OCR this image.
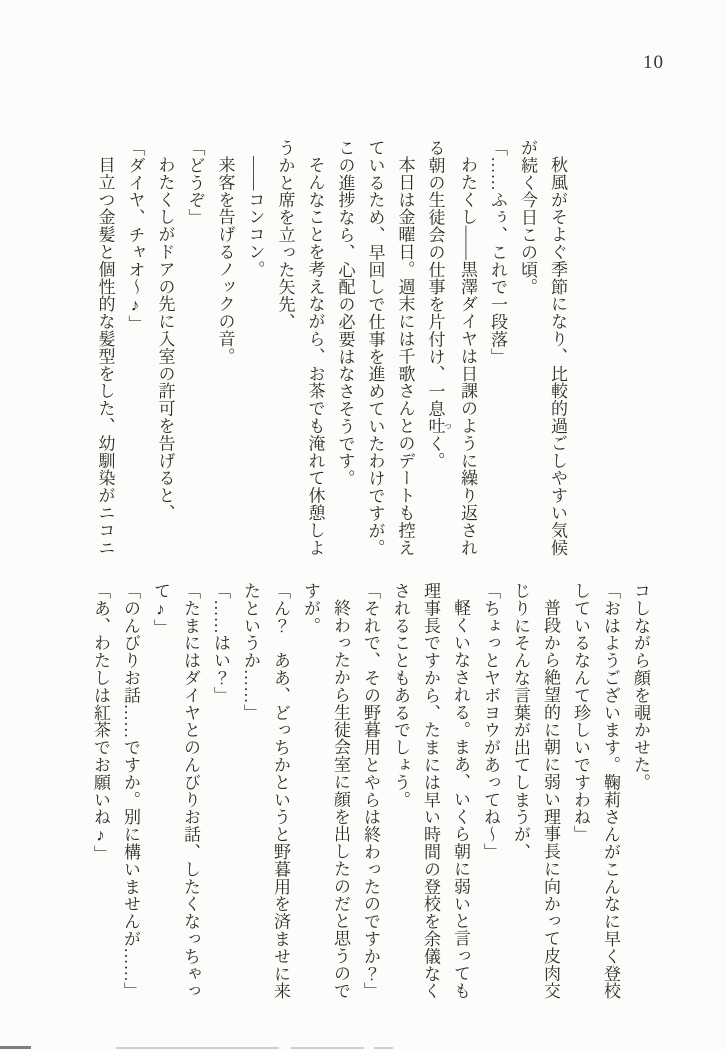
10
秋風がそよぐ季節になり、比較的過ごしやすい気候
が続く今日この頃。
「……ふぅ、これで一段落」
わたくし――黒澤ダイヤは日課のように繰り返され
る朝の生徒会の仕事を片付け、一息吐 つく。
本日は金曜日。週末には千歌さんとのデートも控え
ているため、早回しで仕事を進めていたわけですが。
この進捗なら、心配の必要はなさそうです。
そんなことを考えながら、お茶でも淹れて休憩しよ
うかと席を立った矢先、
――コンコン。
来客を告げるノックの音。
「どうぞ」
わたくしがドアの先に入室の許可を告げると、
「ダイヤ、チャオ～♪」
目立つ金髪と個性的な髪型をした、幼馴染がニコニ
コしながら顔を覗かせた。
「おはようございます。鞠莉さんがこんなに早く登校
しているなんて珍しいですわね」
普段から絶望的に朝に弱い理事長に向かって皮肉交
じりにそんな言葉が出てしまうが、
「ちょっとヤボヨウがあってね～」
軽くいなされる。まあ、いくら朝に弱いと言っても
理事長ですから、たまには早い時間の登校を余儀なく
されることもあるでしょう。
「それで、その野暮用とやらは終わったのですか？」
終わったから生徒会室に顔を出したのだと思うので
すが。
「ん？　ああ、どっちかというと野暮用を済ませに来
たというか……」
「……はい？」
「たまにはダイヤとのんびりお話、したくなっちゃっ
て♪」
「のんびりお話……ですか。別に構いませんが……」
「あ、わたしは紅茶でお願いね♪」
